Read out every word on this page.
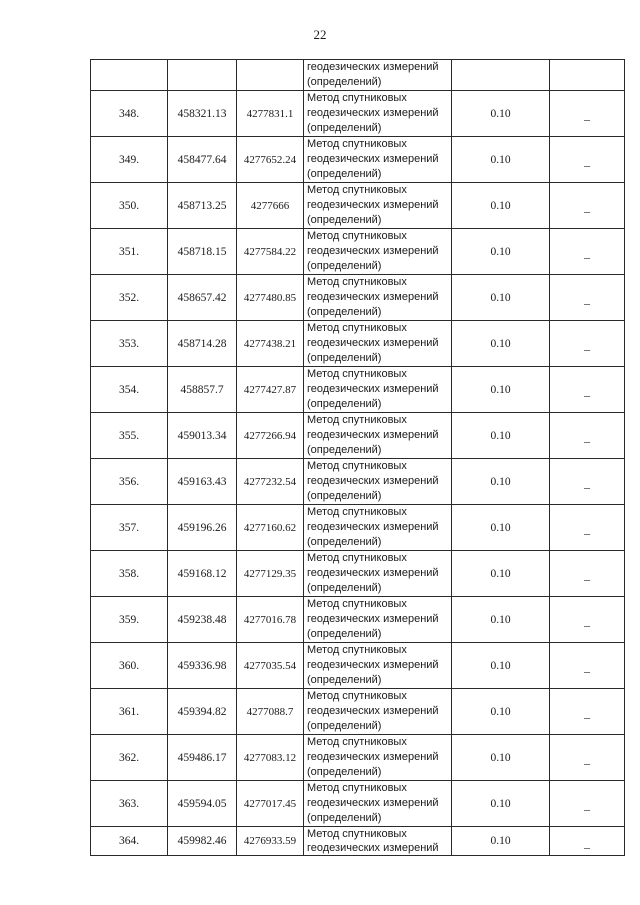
22

			геодезических измерений
(определений)		

348.	458321.13	4277831.1	Метод спутниковых
геодезических измерений
(определений)	0.10	–
349.	458477.64	4277652.24	Метод спутниковых
геодезических измерений
(определений)	0.10	–
350.	458713.25	4277666	Метод спутниковых
геодезических измерений
(определений)	0.10	–
351.	458718.15	4277584.22	Метод спутниковых
геодезических измерений
(определений)	0.10	–
352.	458657.42	4277480.85	Метод спутниковых
геодезических измерений
(определений)	0.10	–
353.	458714.28	4277438.21	Метод спутниковых
геодезических измерений
(определений)	0.10	–
354.	458857.7	4277427.87	Метод спутниковых
геодезических измерений
(определений)	0.10	–
355.	459013.34	4277266.94	Метод спутниковых
геодезических измерений
(определений)	0.10	–
356.	459163.43	4277232.54	Метод спутниковых
геодезических измерений
(определений)	0.10	–
357.	459196.26	4277160.62	Метод спутниковых
геодезических измерений
(определений)	0.10	–
358.	459168.12	4277129.35	Метод спутниковых
геодезических измерений
(определений)	0.10	–
359.	459238.48	4277016.78	Метод спутниковых
геодезических измерений
(определений)	0.10	–
360.	459336.98	4277035.54	Метод спутниковых
геодезических измерений
(определений)	0.10	–
361.	459394.82	4277088.7	Метод спутниковых
геодезических измерений
(определений)	0.10	–
362.	459486.17	4277083.12	Метод спутниковых
геодезических измерений
(определений)	0.10	–
363.	459594.05	4277017.45	Метод спутниковых
геодезических измерений
(определений)	0.10	–
364.	459982.46	4276933.59	Метод спутниковых
геодезических измерений	0.10	–
